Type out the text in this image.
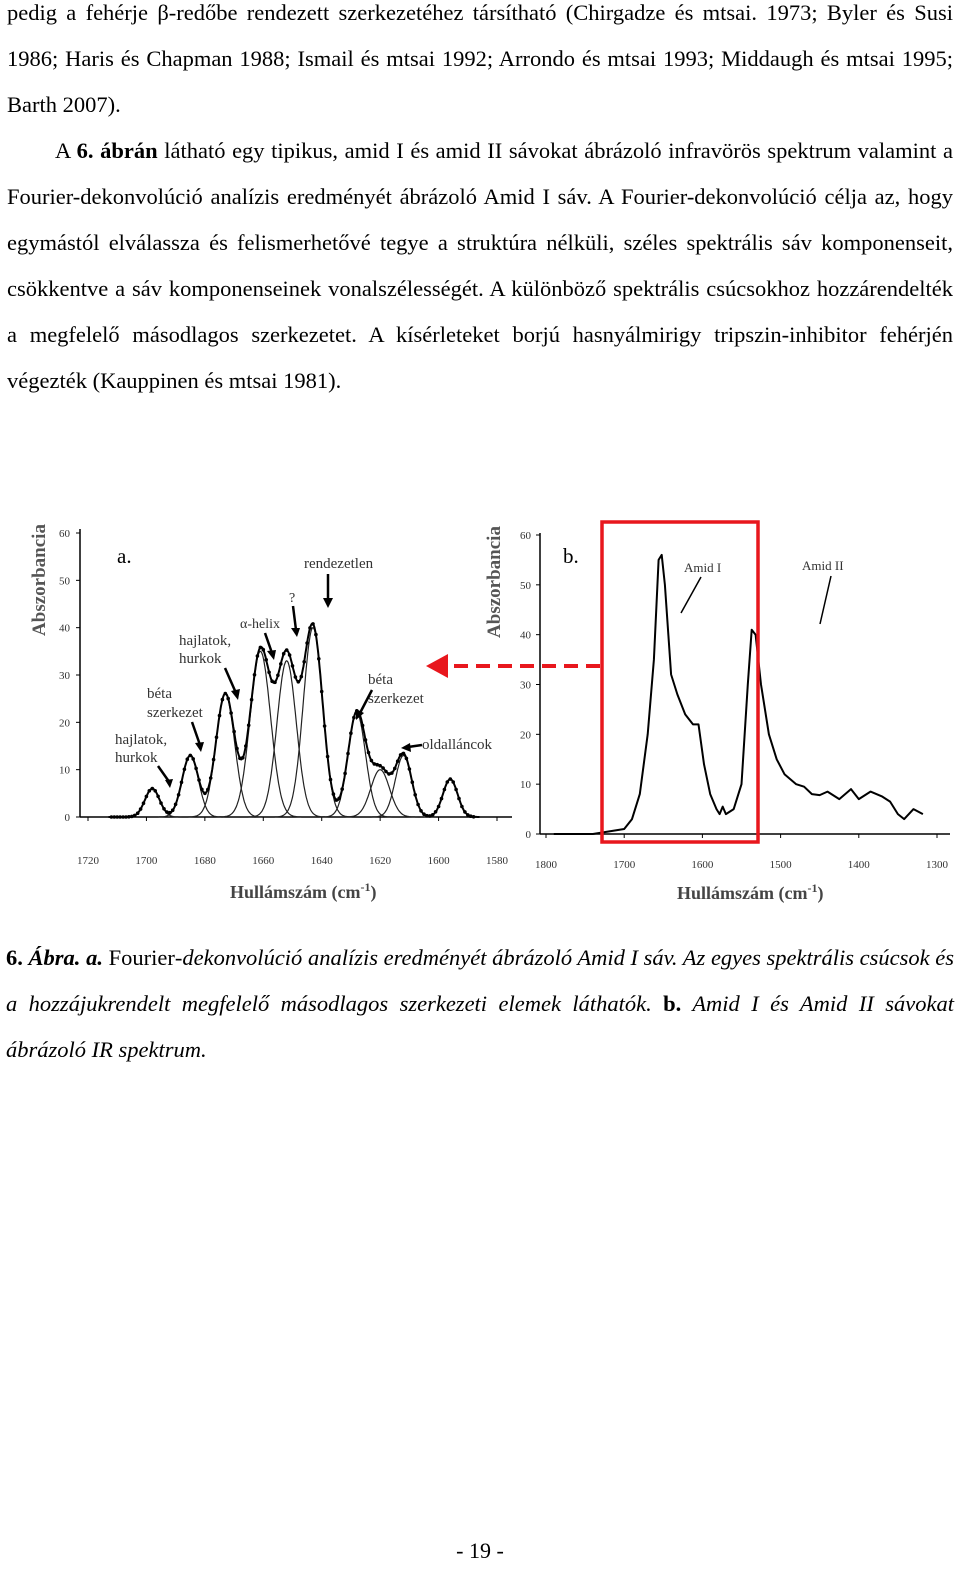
pedig a fehérje β-redőbe rendezett szerkezetéhez társítható (Chirgadze és mtsai. 1973; Byler és Susi 1986; Haris és Chapman 1988; Ismail és mtsai 1992; Arrondo és mtsai 1993; Middaugh és mtsai 1995; Barth 2007).

A 6. ábrán látható egy tipikus, amid I és amid II sávokat ábrázoló infravörös spektrum valamint a Fourier-dekonvolúció analízis eredményét ábrázoló Amid I sáv. A Fourier-dekonvolúció célja az, hogy egymástól elválassza és felismerhetővé tegye a struktúra nélküli, széles spektrális sáv komponenseit, csökkentve a sáv komponenseinek vonalszélességét. A különböző spektrális csúcsokhoz hozzárendelték a megfelelő másodlagos szerkezetet. A kísérleteket borjú hasnyálmirigy tripszin-inhibitor fehérjén végezték (Kauppinen és mtsai 1981).

0
10
20
30
40
50
60
1720	1700	1680	1660	1640	1620	1600	1580
Abszorbancia	a.
Hullámszám $(cm^{-1})$
hajlatok,
hurkok
béta
szerkezet
hajlatok,
hurkok
α-helix
?
rendezetlen
béta
szerkezet
oldalláncok
0
10
20
30
40
50
60
1800	1700	1600	1500	1400	1300
Abszorbancia	b.
Hullámszám $(cm^{-1})$
Amid I	Amid II

6. Ábra. a. Fourier-dekonvolúció analízis eredményét ábrázoló Amid I sáv. Az egyes spektrális csúcsok és a hozzájukrendelt megfelelő másodlagos szerkezeti elemek láthatók. b. Amid I és Amid II sávokat ábrázoló IR spektrum.

- 19 -
